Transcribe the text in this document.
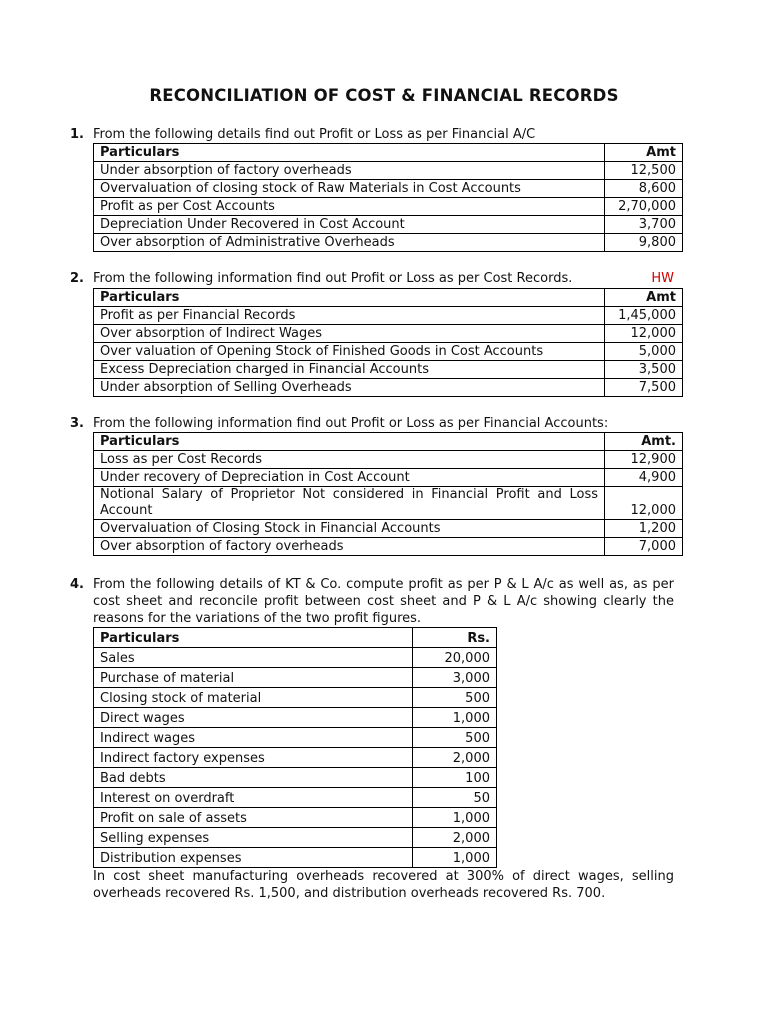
RECONCILIATION OF COST & FINANCIAL RECORDS
1. From the following details find out Profit or Loss as per Financial A/C
Particulars	Amt
Under absorption of factory overheads	12,500
Overvaluation of closing stock of Raw Materials in Cost Accounts	8,600
Profit as per Cost Accounts	2,70,000
Depreciation Under Recovered in Cost Account	3,700
Over absorption of Administrative Overheads	9,800
2. From the following information find out Profit or Loss as per Cost Records.	HW
Particulars	Amt
Profit as per Financial Records	1,45,000
Over absorption of Indirect Wages	12,000
Over valuation of Opening Stock of Finished Goods in Cost Accounts	5,000
Excess Depreciation charged in Financial Accounts	3,500
Under absorption of Selling Overheads	7,500
3. From the following information find out Profit or Loss as per Financial Accounts:
Particulars	Amt.
Loss as per Cost Records	12,900
Under recovery of Depreciation in Cost Account	4,900
Notional Salary of Proprietor Not considered in Financial Profit and Loss Account	12,000
Overvaluation of Closing Stock in Financial Accounts	1,200
Over absorption of factory overheads	7,000
4. From the following details of KT & Co. compute profit as per P & L A/c as well as, as per cost sheet and reconcile profit between cost sheet and P & L A/c showing clearly the reasons for the variations of the two profit figures.
Particulars	Rs.
Sales	20,000
Purchase of material	3,000
Closing stock of material	500
Direct wages	1,000
Indirect wages	500
Indirect factory expenses	2,000
Bad debts	100
Interest on overdraft	50
Profit on sale of assets	1,000
Selling expenses	2,000
Distribution expenses	1,000
In cost sheet manufacturing overheads recovered at 300% of direct wages, selling overheads recovered Rs. 1,500, and distribution overheads recovered Rs. 700.
